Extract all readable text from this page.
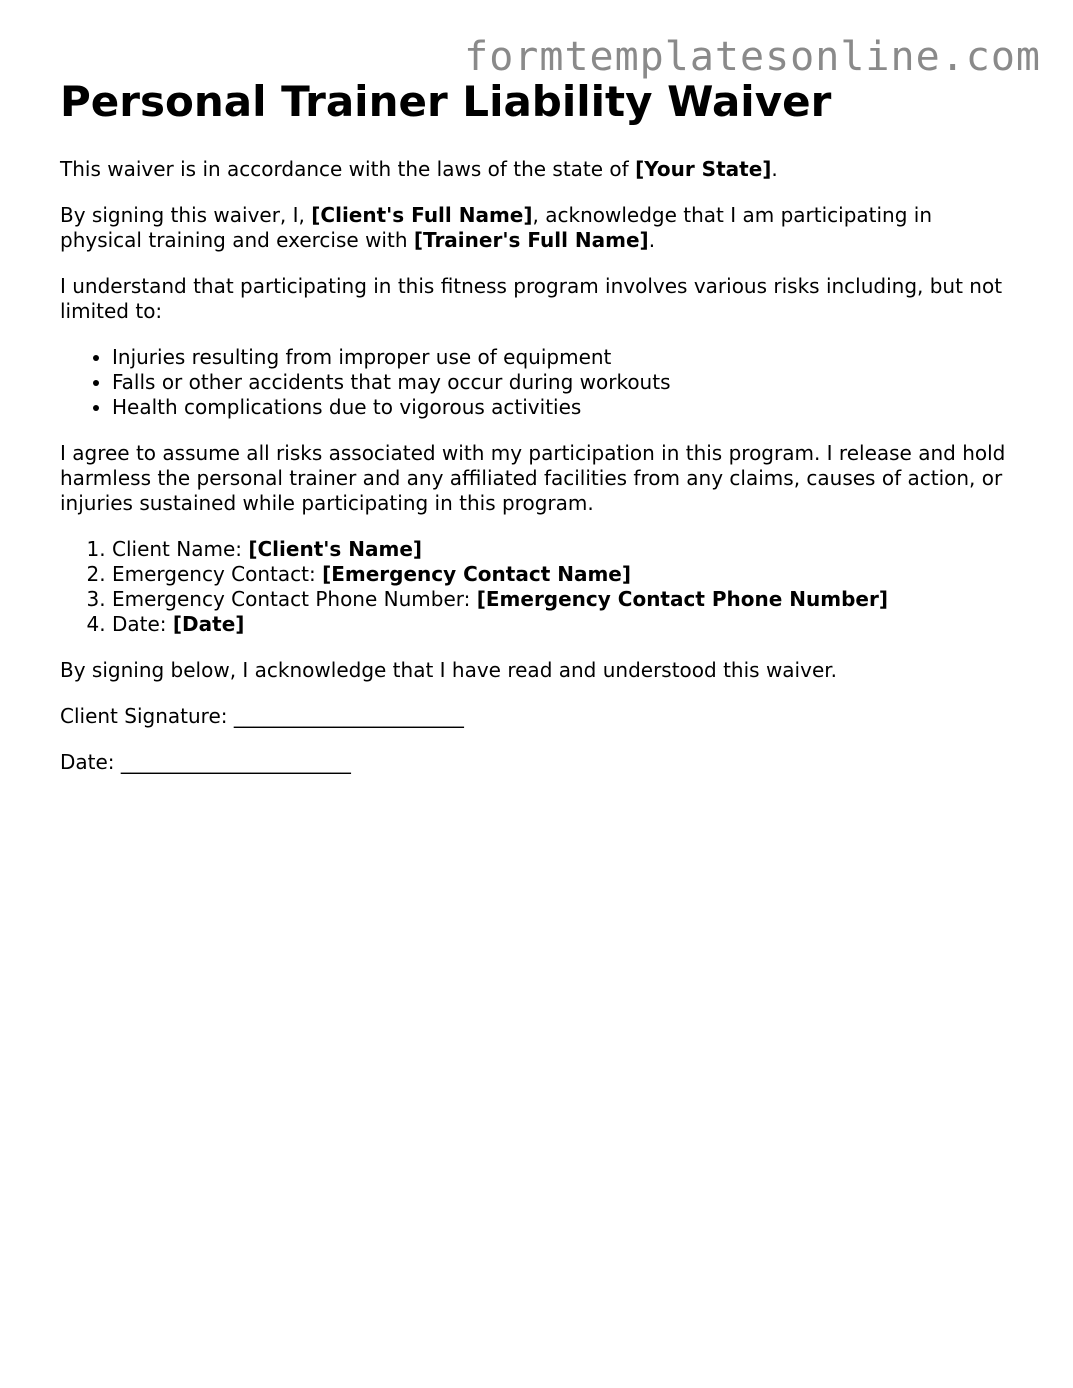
formtemplatesonline.com
Personal Trainer Liability Waiver

This waiver is in accordance with the laws of the state of [Your State].

By signing this waiver, I, [Client's Full Name], acknowledge that I am participating in physical training and exercise with [Trainer's Full Name].

I understand that participating in this fitness program involves various risks including, but not limited to:

• Injuries resulting from improper use of equipment
• Falls or other accidents that may occur during workouts
• Health complications due to vigorous activities

I agree to assume all risks associated with my participation in this program. I release and hold harmless the personal trainer and any affiliated facilities from any claims, causes of action, or injuries sustained while participating in this program.

1. Client Name: [Client's Name]
2. Emergency Contact: [Emergency Contact Name]
3. Emergency Contact Phone Number: [Emergency Contact Phone Number]
4. Date: [Date]

By signing below, I acknowledge that I have read and understood this waiver.

Client Signature: _______________________

Date: _______________________
